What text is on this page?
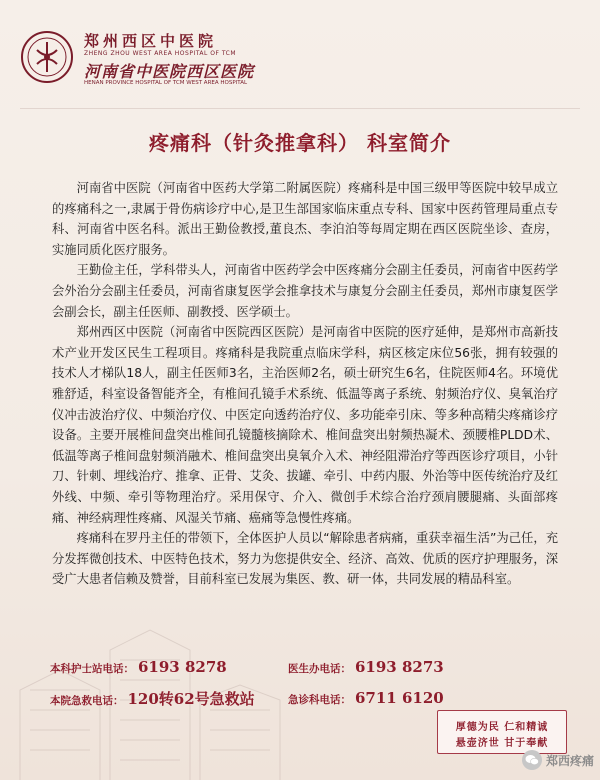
郑州西区中医院
ZHENG ZHOU WEST AREA HOSPITAL OF TCM
河南省中医院西区医院
HENAN PROVINCE HOSPITAL OF TCM WEST AREA HOSPITAL
疼痛科（针灸推拿科） 科室简介

河南省中医院（河南省中医药大学第二附属医院）疼痛科是中国三级甲等医院中较早成立的疼痛科之一,隶属于骨伤病诊疗中心,是卫生部国家临床重点专科、国家中医药管理局重点专科、河南省中医名科。派出王勤俭教授,董良杰、李泊泊等每周定期在西区医院坐诊、查房，实施同质化医疗服务。

王勤俭主任，学科带头人，河南省中医药学会中医疼痛分会副主任委员，河南省中医药学会外治分会副主任委员，河南省康复医学会推拿技术与康复分会副主任委员，郑州市康复医学会副会长，副主任医师、副教授、医学硕士。

郑州西区中医院（河南省中医院西区医院）是河南省中医院的医疗延伸，是郑州市高新技术产业开发区民生工程项目。疼痛科是我院重点临床学科，病区核定床位56张，拥有较强的技术人才梯队18人，副主任医师3名，主治医师2名，硕士研究生6名，住院医师4名。环境优雅舒适，科室设备智能齐全，有椎间孔镜手术系统、低温等离子系统、射频治疗仪、臭氧治疗仪冲击波治疗仪、中频治疗仪、中医定向透药治疗仪、多功能牵引床、等多种高精尖疼痛诊疗设备。主要开展椎间盘突出椎间孔镜髓核摘除术、椎间盘突出射频热凝术、颈腰椎PLDD术、低温等离子椎间盘射频消融术、椎间盘突出臭氧介入术、神经阻滞治疗等西医诊疗项目，小针刀、针刺、埋线治疗、推拿、正骨、艾灸、拔罐、牵引、中药内服、外治等中医传统治疗及红外线、中频、牵引等物理治疗。采用保守、介入、微创手术综合治疗颈肩腰腿痛、头面部疼痛、神经病理性疼痛、风湿关节痛、癌痛等急慢性疼痛。

疼痛科在罗丹主任的带领下，全体医护人员以“解除患者病痛，重获幸福生活”为己任，充分发挥微创技术、中医特色技术，努力为您提供安全、经济、高效、优质的医疗护理服务，深受广大患者信赖及赞誉，目前科室已发展为集医、教、研一体，共同发展的精品科室。

本科护士站电话： 6193 8278	医生办电话： 6193 8273
本院急救电话： 120转62号急救站	急诊科电话： 6711 6120
厚德为民 仁和精诚
悬壶济世 甘于奉献
郑西疼痛
